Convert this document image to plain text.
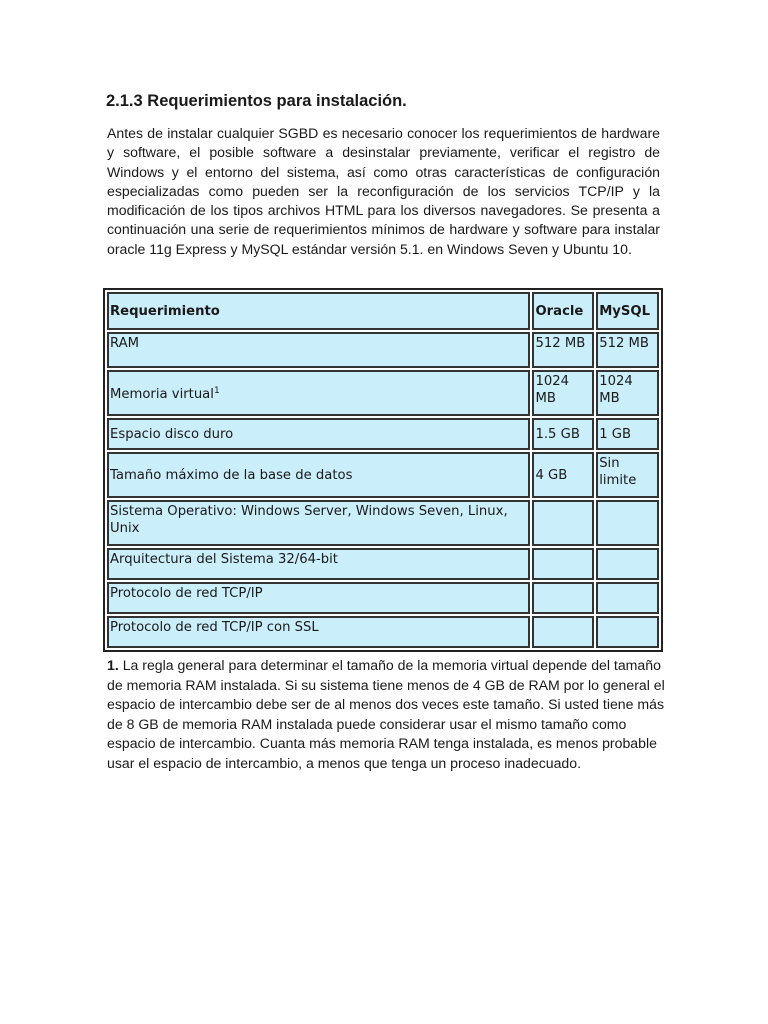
2.1.3 Requerimientos para instalación.

Antes de instalar cualquier SGBD es necesario conocer los requerimientos de hardware y software, el posible software a desinstalar previamente, verificar el registro de Windows y el entorno del sistema, así como otras características de configuración especializadas como pueden ser la reconfiguración de los servicios TCP/IP y la modificación de los tipos archivos HTML para los diversos navegadores. Se presenta a continuación una serie de requerimientos mínimos de hardware y software para instalar oracle 11g Express y MySQL estándar versión 5.1. en Windows Seven y Ubuntu 10.

Requerimiento	Oracle	MySQL
RAM	512 MB	512 MB
Memoria virtual$^1$	1024 MB	1024 MB
Espacio disco duro	1.5 GB	1 GB
Tamaño máximo de la base de datos	4 GB	Sin limite
Sistema Operativo: Windows Server, Windows Seven, Linux, Unix		
Arquitectura del Sistema 32/64-bit		
Protocolo de red TCP/IP		
Protocolo de red TCP/IP con SSL		

1. La regla general para determinar el tamaño de la memoria virtual depende del tamaño de memoria RAM instalada. Si su sistema tiene menos de 4 GB de RAM por lo general el espacio de intercambio debe ser de al menos dos veces este tamaño. Si usted tiene más de 8 GB de memoria RAM instalada puede considerar usar el mismo tamaño como espacio de intercambio. Cuanta más memoria RAM tenga instalada, es menos probable usar el espacio de intercambio, a menos que tenga un proceso inadecuado.
